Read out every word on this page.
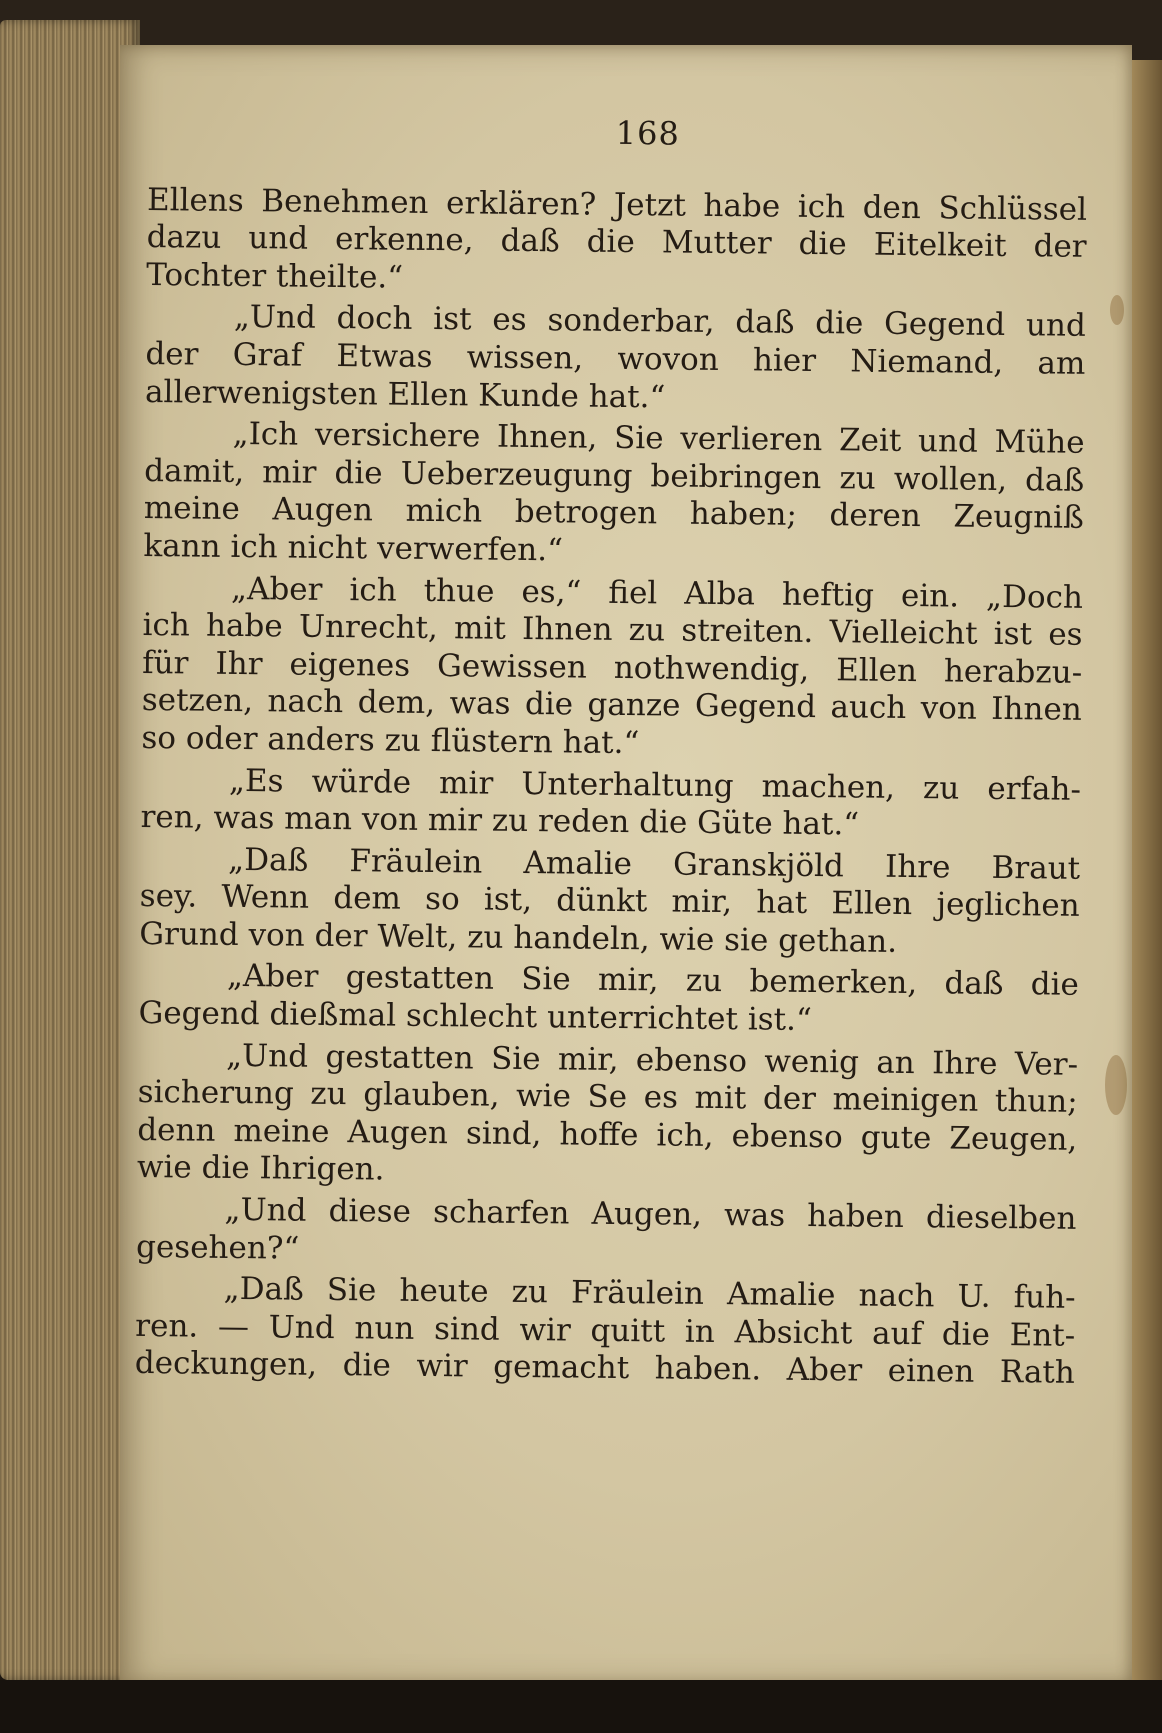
168
Ellens Benehmen erklären? Jetzt habe ich den Schlüssel
dazu und erkenne, daß die Mutter die Eitelkeit der
Tochter theilte.“
„Und doch ist es sonderbar, daß die Gegend und
der Graf Etwas wissen, wovon hier Niemand, am
allerwenigsten Ellen Kunde hat.“
„Ich versichere Ihnen, Sie verlieren Zeit und Mühe
damit, mir die Ueberzeugung beibringen zu wollen, daß
meine Augen mich betrogen haben; deren Zeugniß
kann ich nicht verwerfen.“
„Aber ich thue es,“ fiel Alba heftig ein. „Doch
ich habe Unrecht, mit Ihnen zu streiten. Vielleicht ist es
für Ihr eigenes Gewissen nothwendig, Ellen herabzu-
setzen, nach dem, was die ganze Gegend auch von Ihnen
so oder anders zu flüstern hat.“
„Es würde mir Unterhaltung machen, zu erfah-
ren, was man von mir zu reden die Güte hat.“
„Daß Fräulein Amalie Granskjöld Ihre Braut
sey. Wenn dem so ist, dünkt mir, hat Ellen jeglichen
Grund von der Welt, zu handeln, wie sie gethan.
„Aber gestatten Sie mir, zu bemerken, daß die
Gegend dießmal schlecht unterrichtet ist.“
„Und gestatten Sie mir, ebenso wenig an Ihre Ver-
sicherung zu glauben, wie Se es mit der meinigen thun;
denn meine Augen sind, hoffe ich, ebenso gute Zeugen,
wie die Ihrigen.
„Und diese scharfen Augen, was haben dieselben
gesehen?“
„Daß Sie heute zu Fräulein Amalie nach U. fuh-
ren. — Und nun sind wir quitt in Absicht auf die Ent-
deckungen, die wir gemacht haben. Aber einen Rath
